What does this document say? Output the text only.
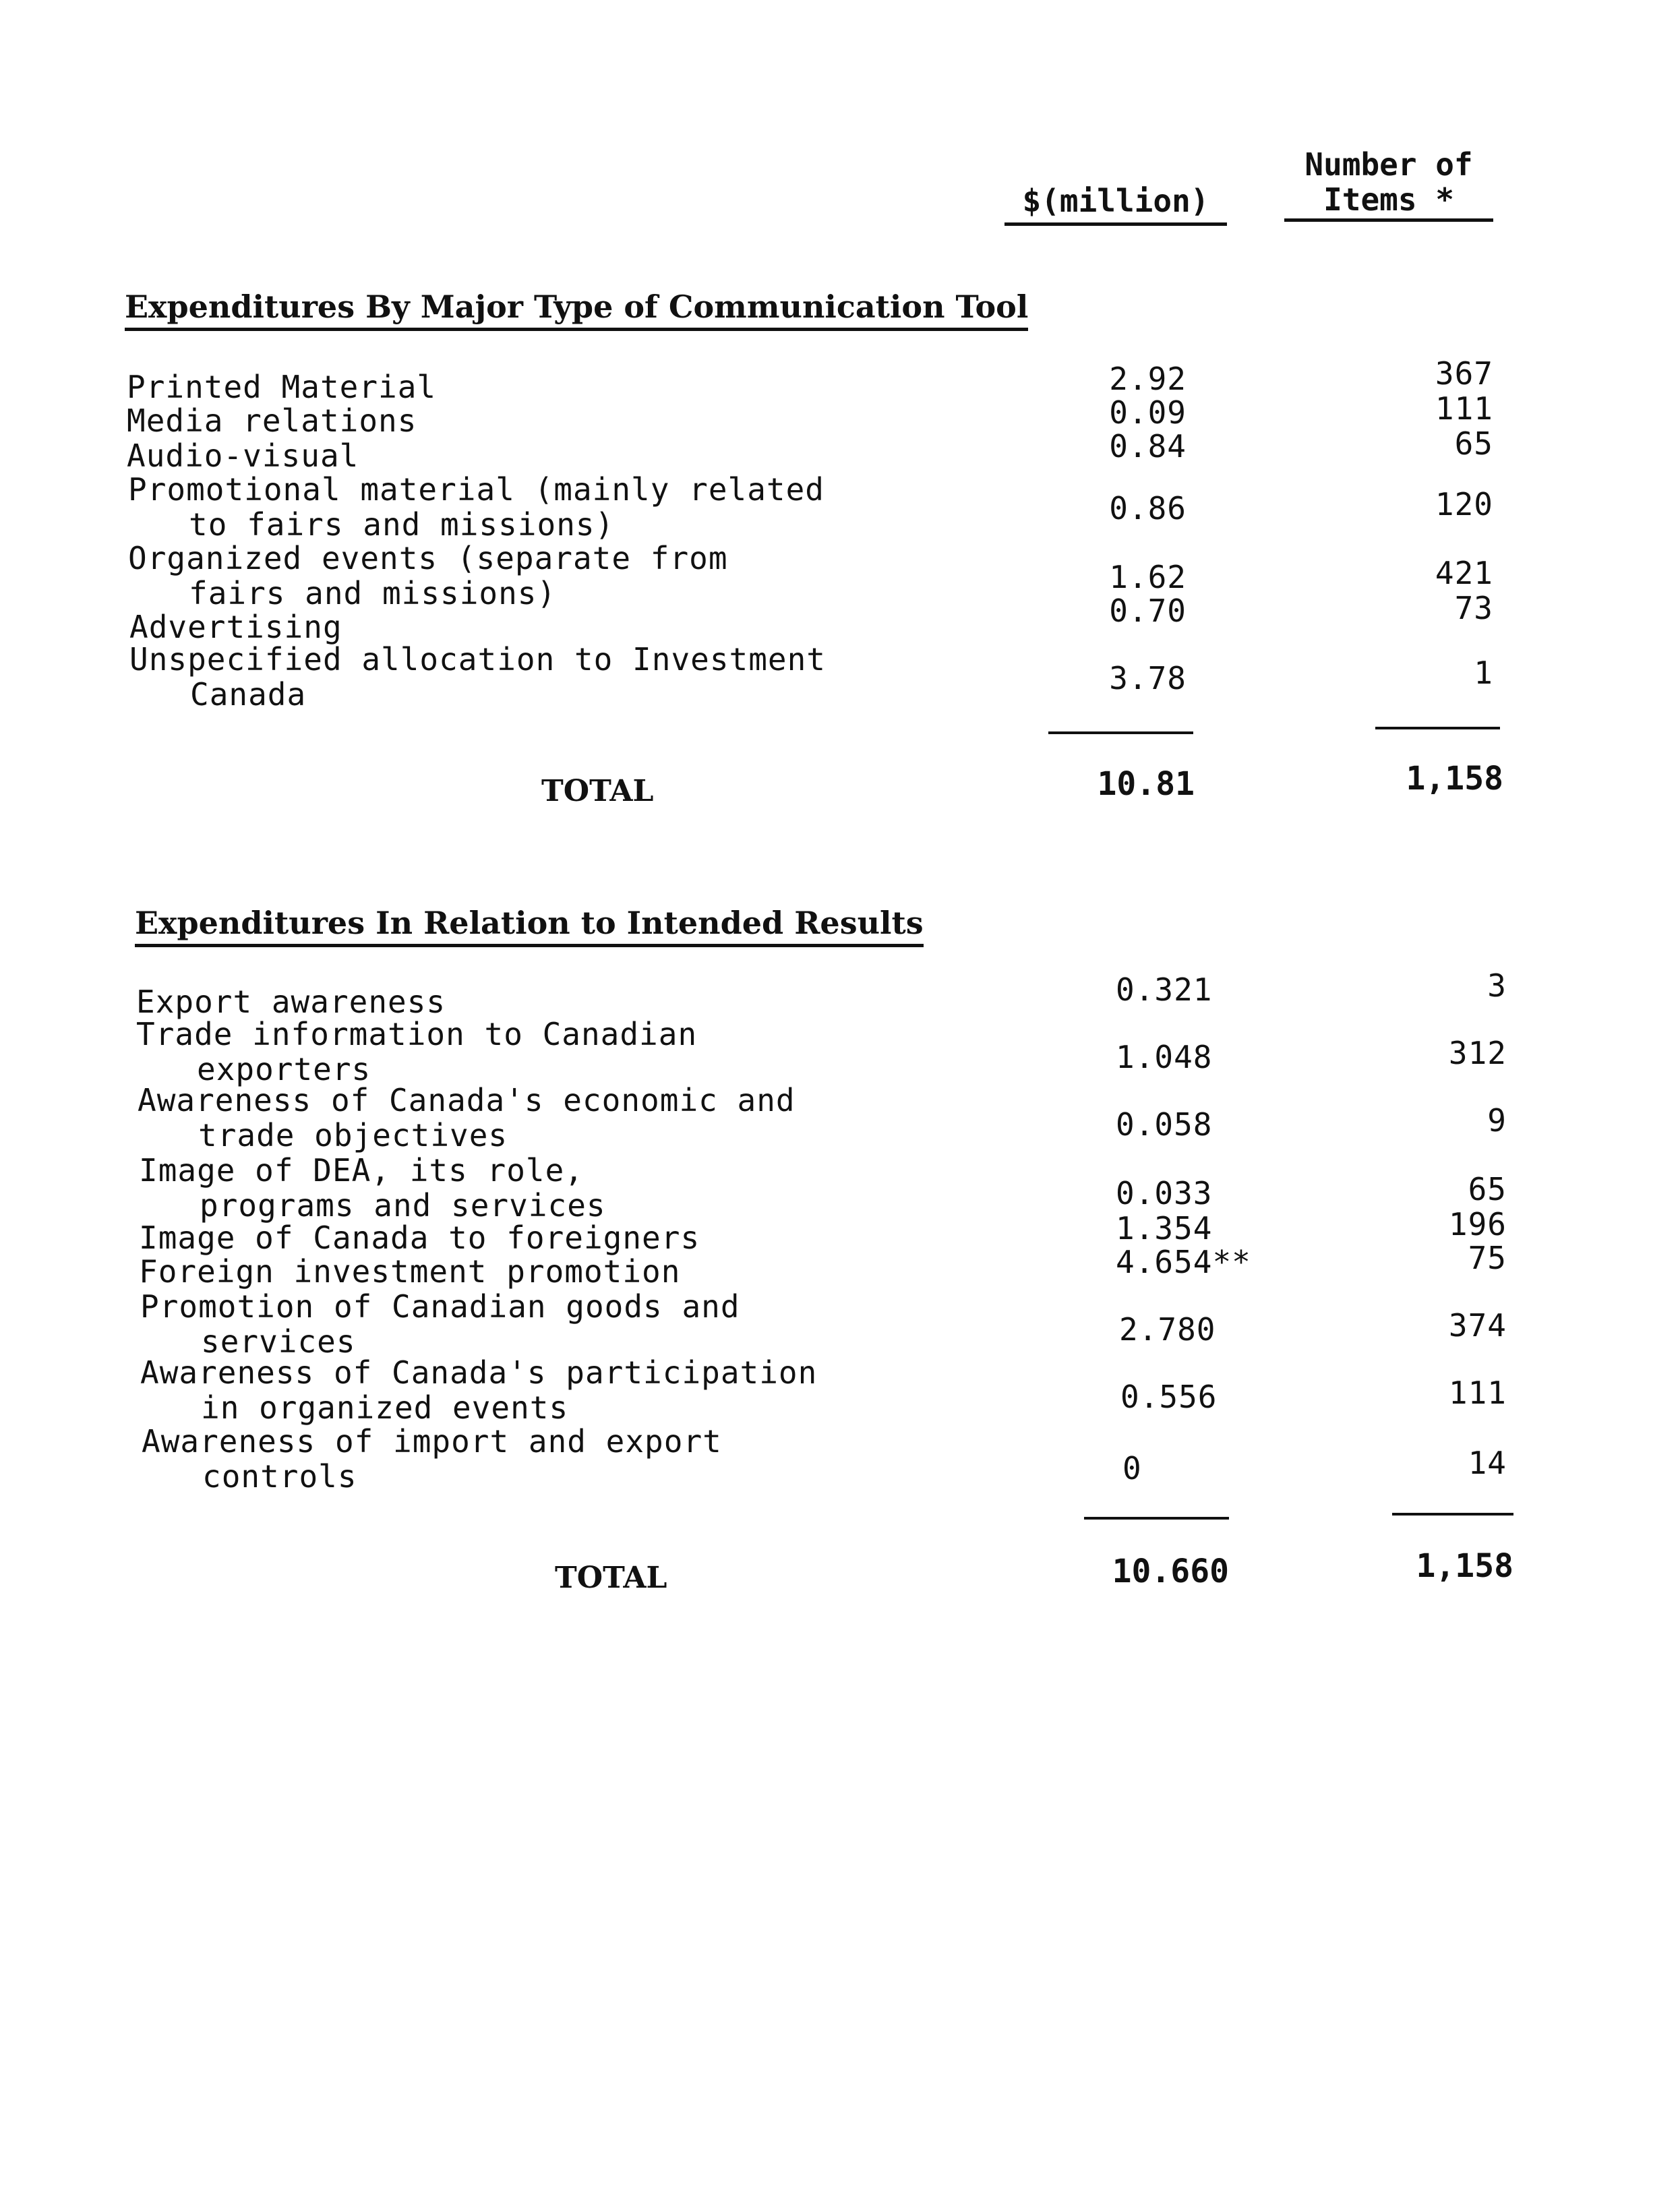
$(million)
Number of
Items *
Expenditures By Major Type of Communication Tool
Printed Material	2.92	367
Media relations	0.09	111
Audio-visual	0.84	65
Promotional material (mainly related
to fairs and missions)	0.86	120
Organized events (separate from
fairs and missions)	1.62	421
Advertising	0.70	73
Unspecified allocation to Investment
Canada	3.78	1
TOTAL	10.81	1,158
Expenditures In Relation to Intended Results
Export awareness	0.321	3
Trade information to Canadian
exporters	1.048	312
Awareness of Canada's economic and
trade objectives	0.058	9
Image of DEA, its role,
programs and services	0.033	65
Image of Canada to foreigners	1.354	196
Foreign investment promotion	4.654**	75
Promotion of Canadian goods and
services	2.780	374
Awareness of Canada's participation
in organized events	0.556	111
Awareness of import and export
controls	0	14
TOTAL	10.660	1,158
